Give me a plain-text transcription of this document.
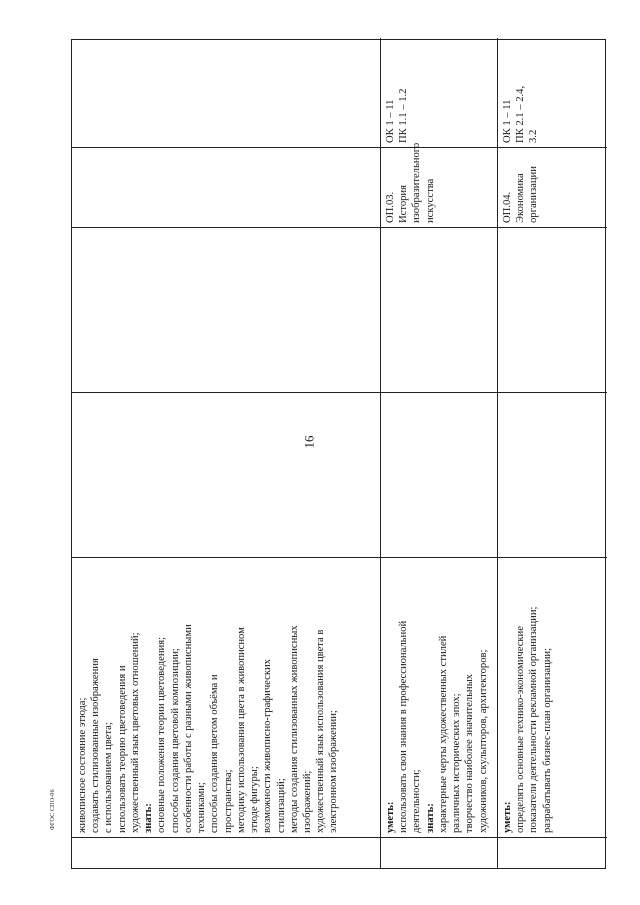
16
ФГОС СПО-06 живописное состояние этюда;
создавать стилизованные изображения
с использованием цвета;
использовать теорию цветоведения и
художественный язык цветовых отношений;
знать:
основные положения теории цветоведения;
способы создания цветовой композиции;
особенности работы с разными живописными
техниками;
способы создания цветом объёма и
пространства;
методику использования цвета в живописном
этюде фигуры;
возможности живописно-графических
стилизаций;
методы создания стилизованных живописных
изображений;
художественный язык использования цвета в
электронном изображении;
уметь:
использовать свои знания в профессиональной
деятельности;
знать:
характерные черты художественных стилей
различных исторических эпох;
творчество наиболее значительных
художников, скульпторов, архитекторов;
ОП.03. История
изобразительного
искусства
ОК 1 – 11
ПК 1.1 – 1.2
уметь:
определять основные технико-экономические
показатели деятельности рекламной организации;
разрабатывать бизнес-план организации;
ОП.04. Экономика
организации
ОК 1 – 11
ПК 2.1 – 2.4,
3.2
